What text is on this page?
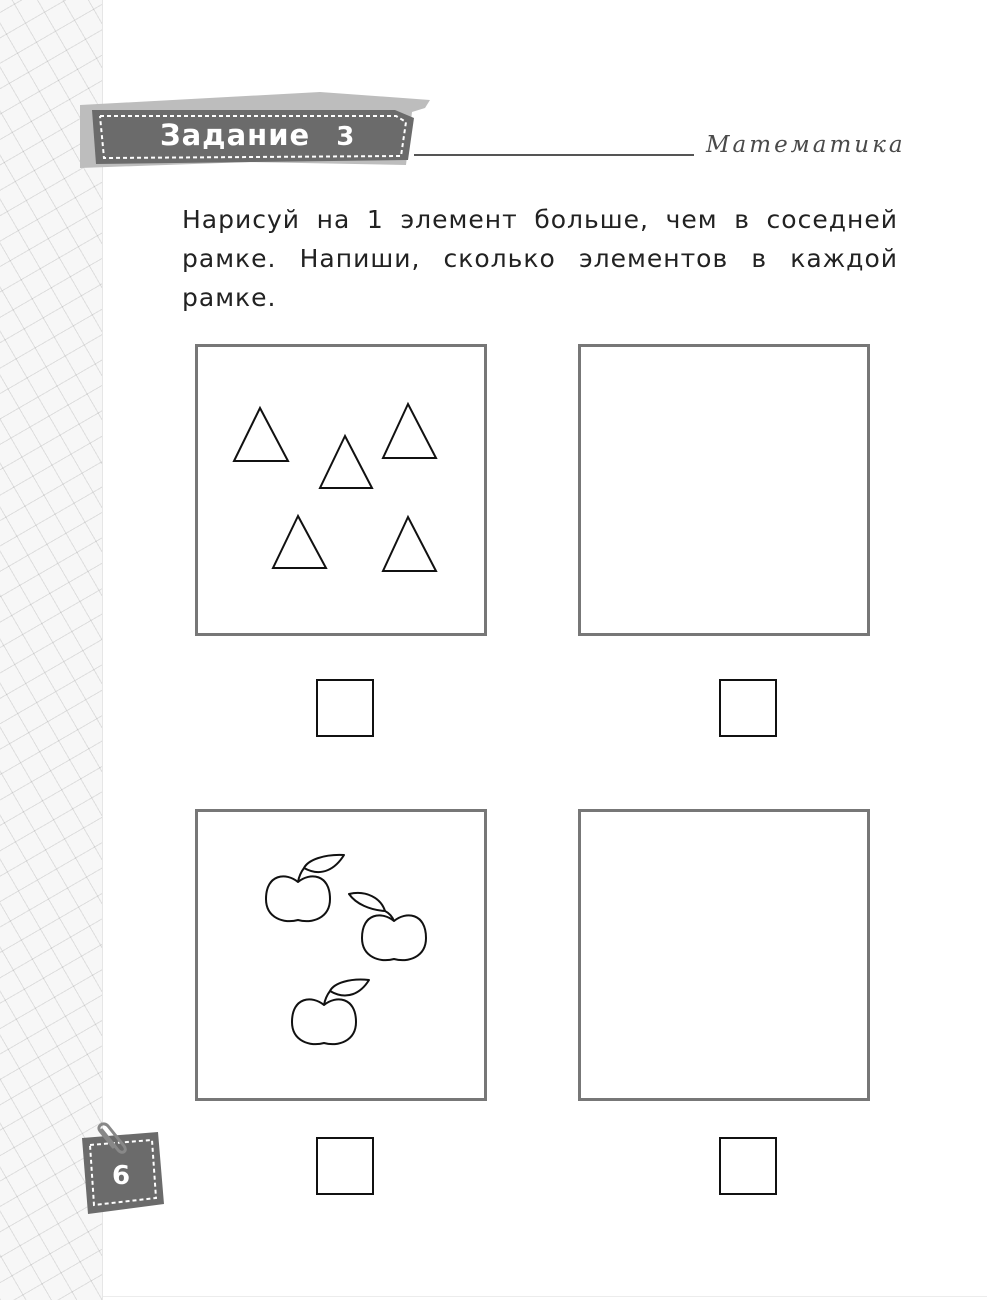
Задание 3	Математика
Нарисуй на 1 элемент больше, чем в соседней рамке. Напиши, сколько элементов в каждой рамке.
6
